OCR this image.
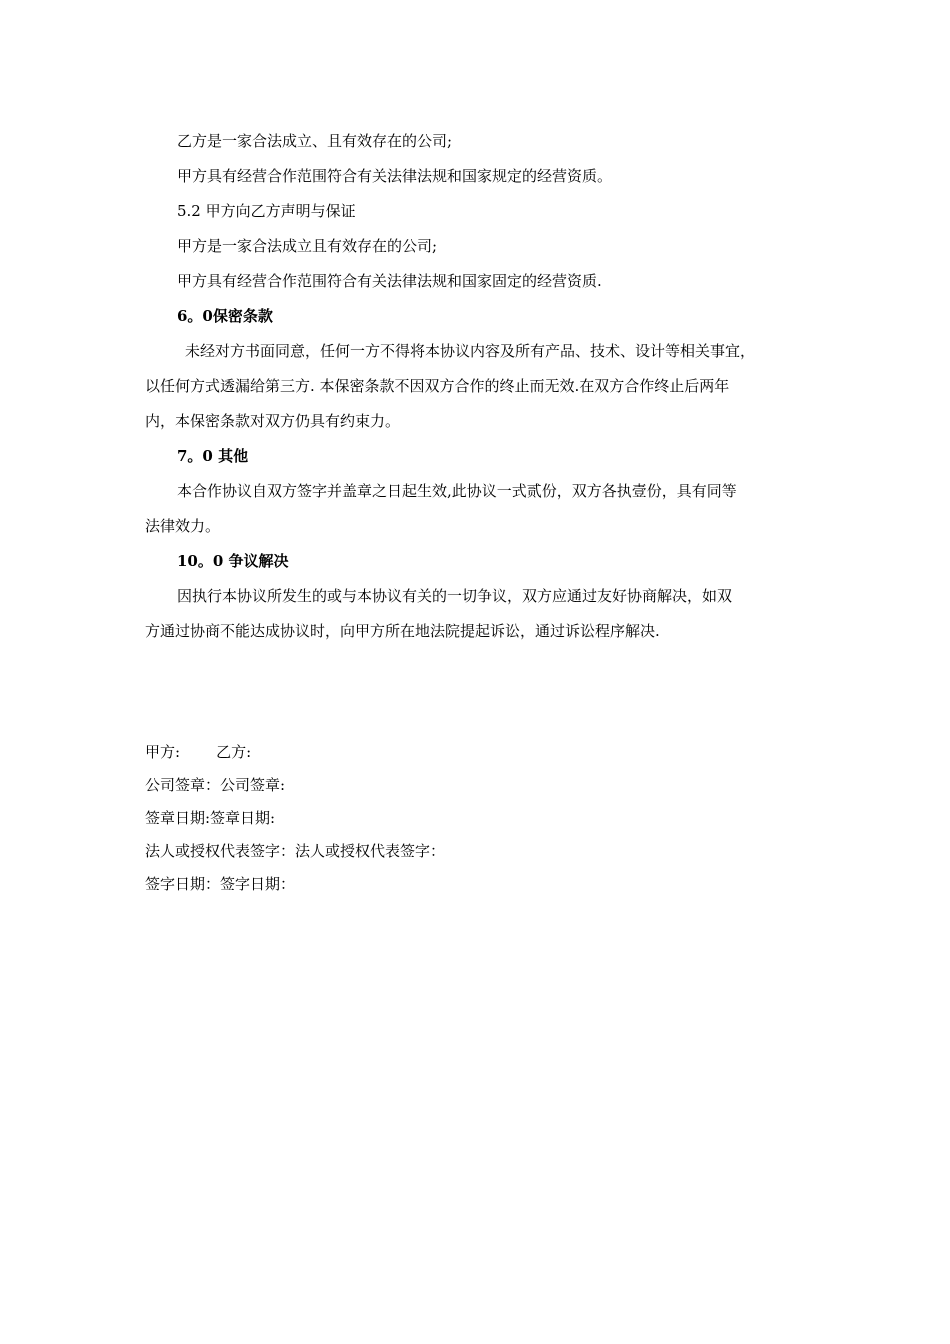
乙方是一家合法成立、且有效存在的公司;
甲方具有经营合作范围符合有关法律法规和国家规定的经营资质。
5.2 甲方向乙方声明与保证
甲方是一家合法成立且有效存在的公司;
甲方具有经营合作范围符合有关法律法规和国家固定的经营资质.
6。0保密条款
未经对方书面同意，任何一方不得将本协议内容及所有产品、技术、设计等相关事宜，
以任何方式透漏给第三方. 本保密条款不因双方合作的终止而无效.在双方合作终止后两年
内，本保密条款对双方仍具有约束力。
7。0 其他
本合作协议自双方签字并盖章之日起生效,此协议一式贰份，双方各执壹份，具有同等
法律效力。
10。0 争议解决
因执行本协议所发生的或与本协议有关的一切争议，双方应通过友好协商解决，如双
方通过协商不能达成协议时，向甲方所在地法院提起诉讼，通过诉讼程序解决.
甲方: 乙方:
公司签章：公司签章:
签章日期:签章日期:
法人或授权代表签字：法人或授权代表签字：
签字日期：签字日期：
